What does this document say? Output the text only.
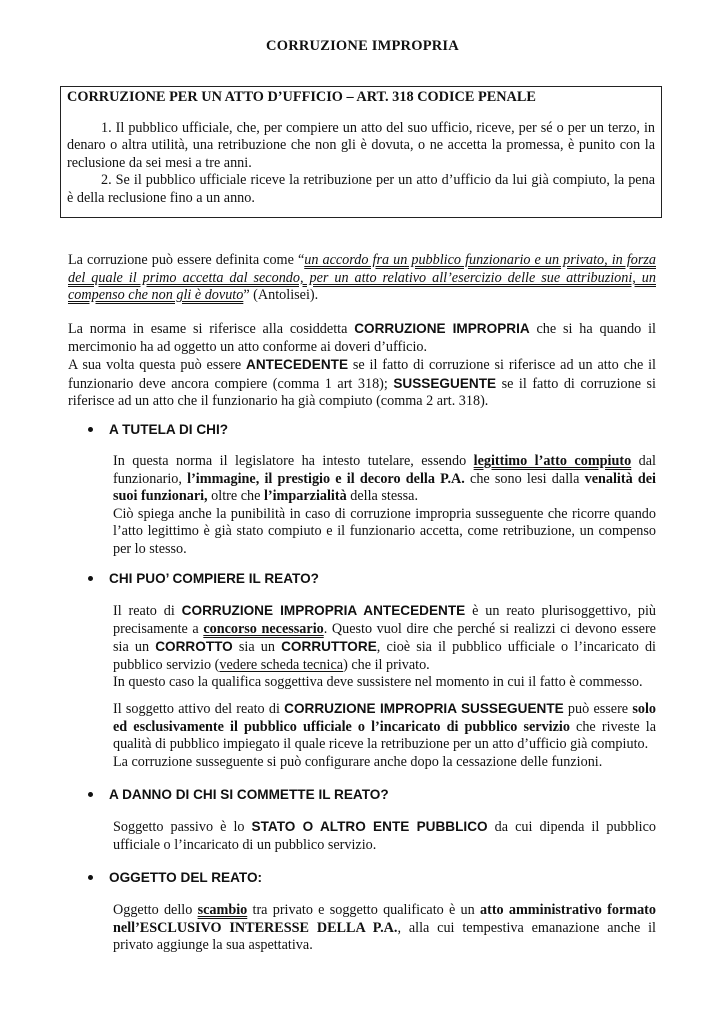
CORRUZIONE IMPROPRIA

CORRUZIONE PER UN ATTO D’UFFICIO – ART. 318 CODICE PENALE

1. Il pubblico ufficiale, che, per compiere un atto del suo ufficio, riceve, per sé o per un terzo, in denaro o altra utilità, una retribuzione che non gli è dovuta, o ne accetta la promessa, è punito con la reclusione da sei mesi a tre anni.

2. Se il pubblico ufficiale riceve la retribuzione per un atto d’ufficio da lui già compiuto, la pena è della reclusione fino a un anno.

La corruzione può essere definita come “un accordo fra un pubblico funzionario e un privato, in forza del quale il primo accetta dal secondo, per un atto relativo all’esercizio delle sue attribuzioni, un compenso che non gli è dovuto” (Antolisei).

La norma in esame si riferisce alla cosiddetta CORRUZIONE IMPROPRIA che si ha quando il mercimonio ha ad oggetto un atto conforme ai doveri d’ufficio.

A sua volta questa può essere ANTECEDENTE se il fatto di corruzione si riferisce ad un atto che il funzionario deve ancora compiere (comma 1 art 318); SUSSEGUENTE se il fatto di corruzione si riferisce ad un atto che il funzionario ha già compiuto (comma 2 art. 318).

A TUTELA DI CHI?

In questa norma il legislatore ha intesto tutelare, essendo legittimo l’atto compiuto dal funzionario, l’immagine, il prestigio e il decoro della P.A. che sono lesi dalla venalità dei suoi funzionari, oltre che l’imparzialità della stessa.

Ciò spiega anche la punibilità in caso di corruzione impropria susseguente che ricorre quando l’atto legittimo è già stato compiuto e il funzionario accetta, come retribuzione, un compenso per lo stesso.

CHI PUO’ COMPIERE IL REATO?

Il reato di CORRUZIONE IMPROPRIA ANTECEDENTE è un reato plurisoggettivo, più precisamente a concorso necessario. Questo vuol dire che perché si realizzi ci devono essere sia un CORROTTO sia un CORRUTTORE, cioè sia il pubblico ufficiale o l’incaricato di pubblico servizio (vedere scheda tecnica) che il privato.

In questo caso la qualifica soggettiva deve sussistere nel momento in cui il fatto è commesso.

Il soggetto attivo del reato di CORRUZIONE IMPROPRIA SUSSEGUENTE può essere solo ed esclusivamente il pubblico ufficiale o l’incaricato di pubblico servizio che riveste la qualità di pubblico impiegato il quale riceve la retribuzione per un atto d’ufficio già compiuto.

La corruzione susseguente si può configurare anche dopo la cessazione delle funzioni.

A DANNO DI CHI SI COMMETTE IL REATO?

Soggetto passivo è lo STATO O ALTRO ENTE PUBBLICO da cui dipenda il pubblico ufficiale o l’incaricato di un pubblico servizio.

OGGETTO DEL REATO:

Oggetto dello scambio tra privato e soggetto qualificato è un atto amministrativo formato nell’ESCLUSIVO INTERESSE DELLA P.A., alla cui tempestiva emanazione anche il privato aggiunge la sua aspettativa.
